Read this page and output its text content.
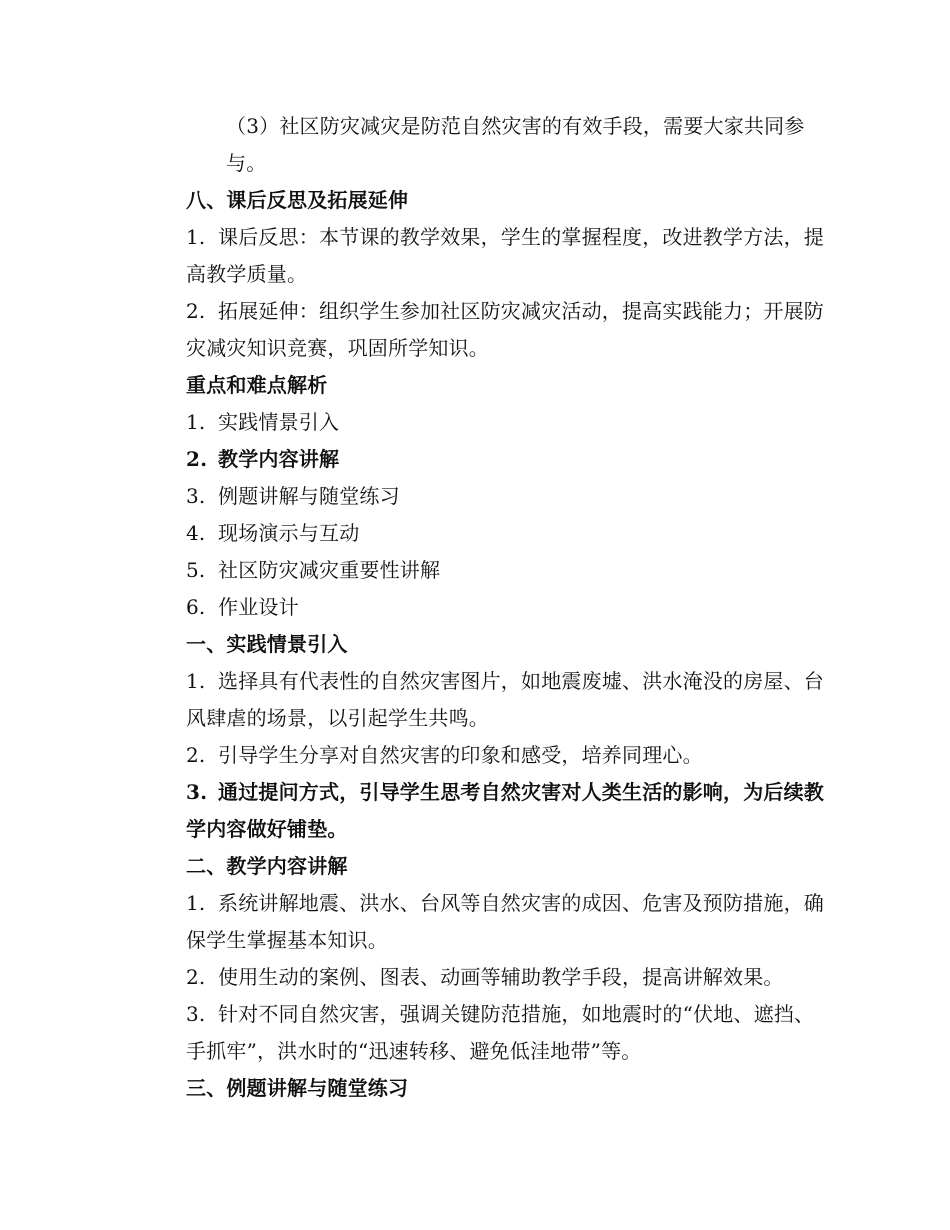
（3）社区防灾减灾是防范自然灾害的有效手段，需要大家共同参与。

八、课后反思及拓展延伸

1. 课后反思：本节课的教学效果，学生的掌握程度，改进教学方法，提高教学质量。

2. 拓展延伸：组织学生参加社区防灾减灾活动，提高实践能力；开展防灾减灾知识竞赛，巩固所学知识。

重点和难点解析

1. 实践情景引入

2. 教学内容讲解

3. 例题讲解与随堂练习

4. 现场演示与互动

5. 社区防灾减灾重要性讲解

6. 作业设计

一、实践情景引入

1. 选择具有代表性的自然灾害图片，如地震废墟、洪水淹没的房屋、台风肆虐的场景，以引起学生共鸣。

2. 引导学生分享对自然灾害的印象和感受，培养同理心。

3. 通过提问方式，引导学生思考自然灾害对人类生活的影响，为后续教学内容做好铺垫。

二、教学内容讲解

1. 系统讲解地震、洪水、台风等自然灾害的成因、危害及预防措施，确保学生掌握基本知识。

2. 使用生动的案例、图表、动画等辅助教学手段，提高讲解效果。

3. 针对不同自然灾害，强调关键防范措施，如地震时的“伏地、遮挡、手抓牢”，洪水时的“迅速转移、避免低洼地带”等。

三、例题讲解与随堂练习
